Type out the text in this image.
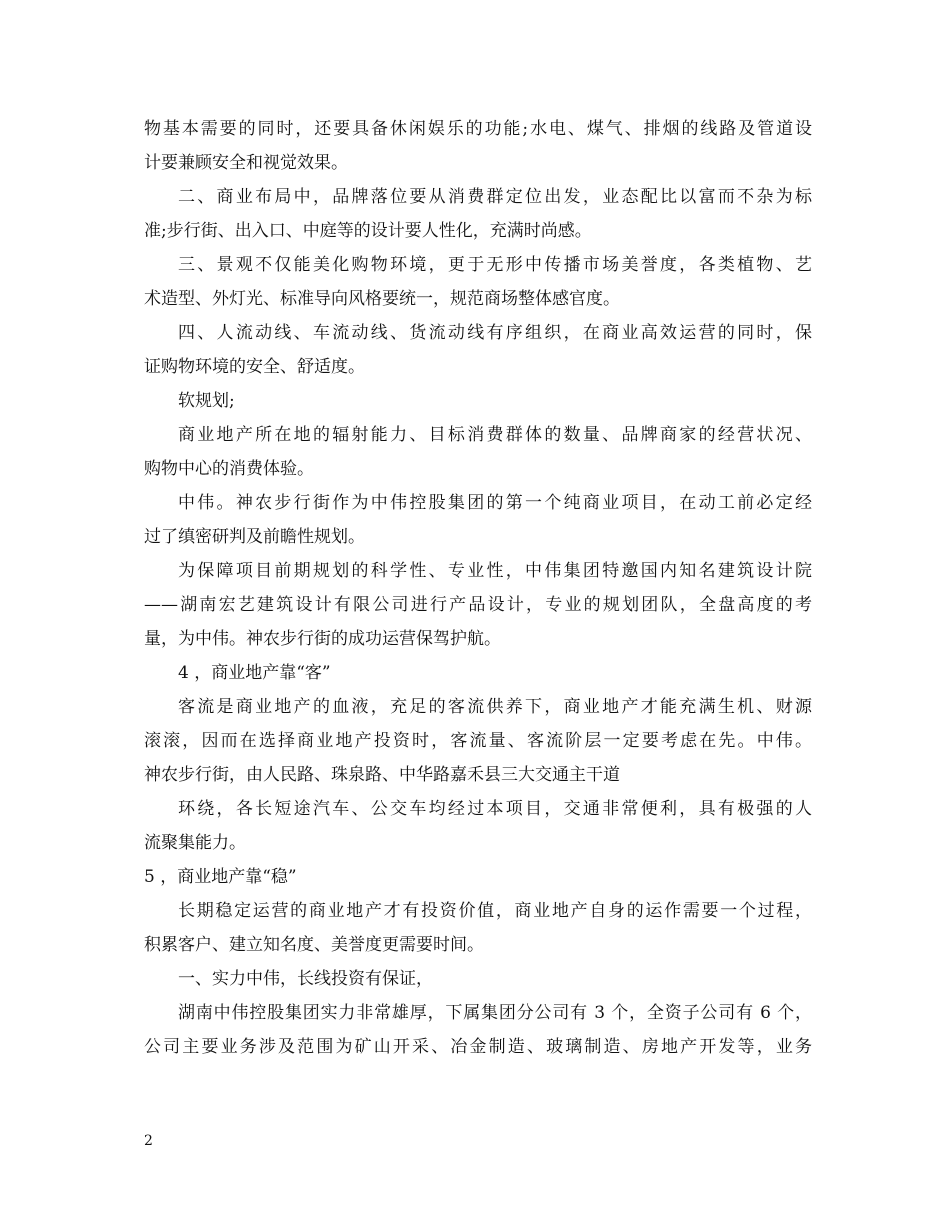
物基本需要的同时，还要具备休闲娱乐的功能;水电、煤气、排烟的线路及管道设
计要兼顾安全和视觉效果。
二、商业布局中，品牌落位要从消费群定位出发，业态配比以富而不杂为标
准;步行街、出入口、中庭等的设计要人性化，充满时尚感。
三、景观不仅能美化购物环境，更于无形中传播市场美誉度，各类植物、艺
术造型、外灯光、标准导向风格要统一，规范商场整体感官度。
四、人流动线、车流动线、货流动线有序组织，在商业高效运营的同时，保
证购物环境的安全、舒适度。
软规划;
商业地产所在地的辐射能力、目标消费群体的数量、品牌商家的经营状况、
购物中心的消费体验。
中伟。神农步行街作为中伟控股集团的第一个纯商业项目，在动工前必定经
过了缜密研判及前瞻性规划。
为保障项目前期规划的科学性、专业性，中伟集团特邀国内知名建筑设计院
——湖南宏艺建筑设计有限公司进行产品设计，专业的规划团队，全盘高度的考
量，为中伟。神农步行街的成功运营保驾护航。
4 ，商业地产靠“客”
客流是商业地产的血液，充足的客流供养下，商业地产才能充满生机、财源
滚滚，因而在选择商业地产投资时，客流量、客流阶层一定要考虑在先。中伟。
神农步行街，由人民路、珠泉路、中华路嘉禾县三大交通主干道
环绕，各长短途汽车、公交车均经过本项目，交通非常便利，具有极强的人
流聚集能力。
5 ，商业地产靠“稳”
长期稳定运营的商业地产才有投资价值，商业地产自身的运作需要一个过程，
积累客户、建立知名度、美誉度更需要时间。
一、实力中伟，长线投资有保证，
湖南中伟控股集团实力非常雄厚，下属集团分公司有 3 个，全资子公司有 6 个，
公司主要业务涉及范围为矿山开采、冶金制造、玻璃制造、房地产开发等，业务
2
